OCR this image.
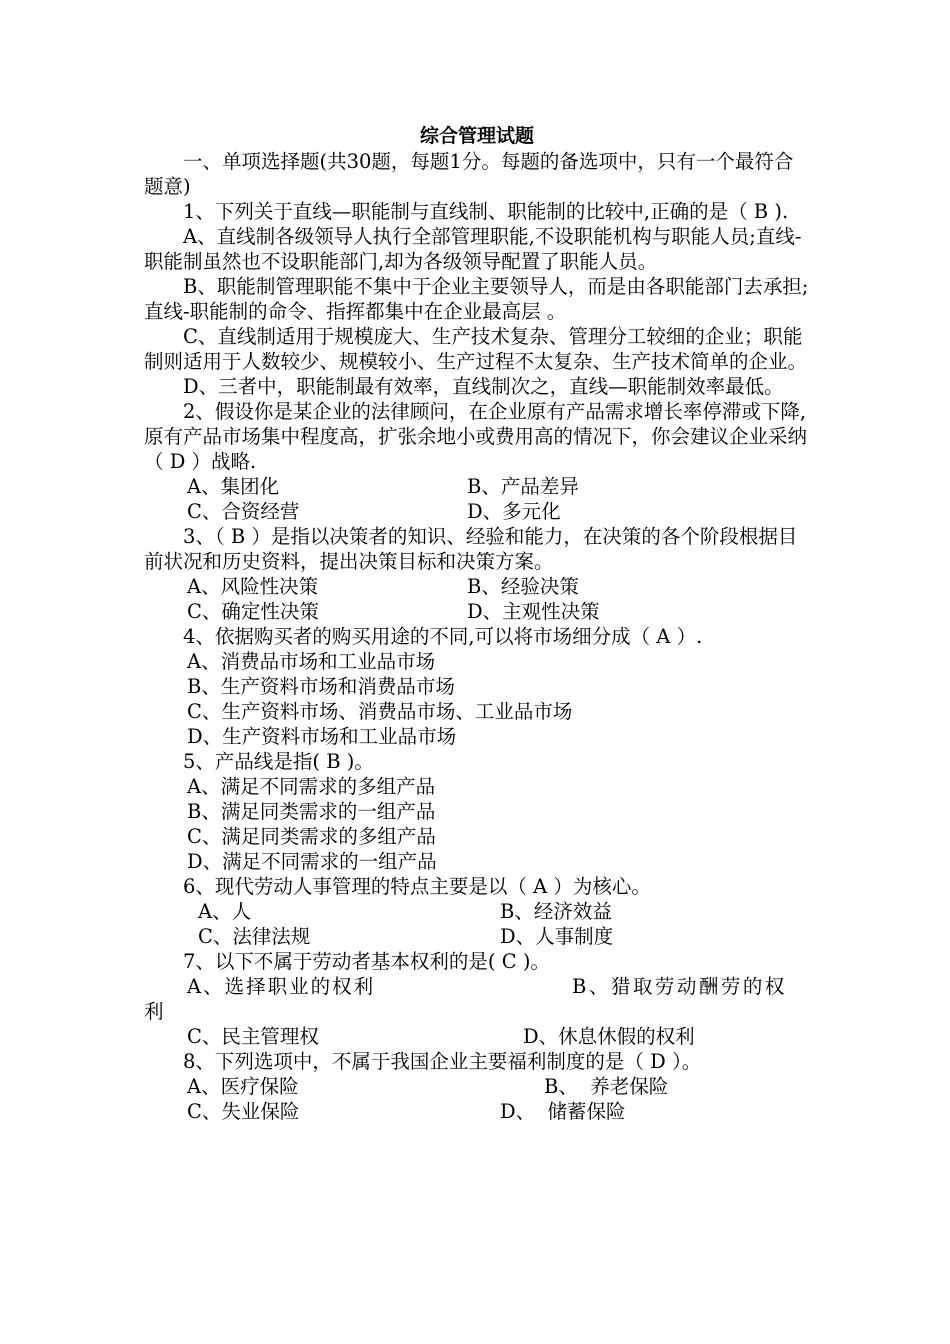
综合管理试题

一、单项选择题(共30题，每题1分。每题的备选项中，只有一个最符合题意)

1、下列关于直线—职能制与直线制、职能制的比较中,正确的是（ B ).

A、直线制各级领导人执行全部管理职能,不设职能机构与职能人员;直线-职能制虽然也不设职能部门,却为各级领导配置了职能人员。

B、职能制管理职能不集中于企业主要领导人，而是由各职能部门去承担;直线-职能制的命令、指挥都集中在企业最高层 。

C、直线制适用于规模庞大、生产技术复杂、管理分工较细的企业；职能制则适用于人数较少、规模较小、生产过程不太复杂、生产技术简单的企业。

D、三者中，职能制最有效率，直线制次之，直线—职能制效率最低。

2、假设你是某企业的法律顾问，在企业原有产品需求增长率停滞或下降,原有产品市场集中程度高，扩张余地小或费用高的情况下，你会建议企业采纳（ D ）战略.

A、集团化	B、产品差异
C、合资经营	D、多元化

3、（ B ）是指以决策者的知识、经验和能力，在决策的各个阶段根据目前状况和历史资料，提出决策目标和决策方案。

A、风险性决策	B、经验决策
C、确定性决策	D、主观性决策

4、依据购买者的购买用途的不同,可以将市场细分成（ A ）.

A、消费品市场和工业品市场

B、生产资料市场和消费品市场

C、生产资料市场、消费品市场、工业品市场

D、生产资料市场和工业品市场

5、产品线是指( B )。

A、满足不同需求的多组产品

B、满足同类需求的一组产品

C、满足同类需求的多组产品

D、满足不同需求的一组产品

6、现代劳动人事管理的特点主要是以（ A ）为核心。

A、人	B、经济效益
C、法律法规	D、人事制度

7、以下不属于劳动者基本权利的是( C )。

A、选择职业的权利	B、猎取劳动酬劳的权

利

C、民主管理权	D、休息休假的权利

8、下列选项中，不属于我国企业主要福利制度的是（ D ）。

A、医疗保险	B、  养老保险
C、失业保险	D、  储蓄保险
